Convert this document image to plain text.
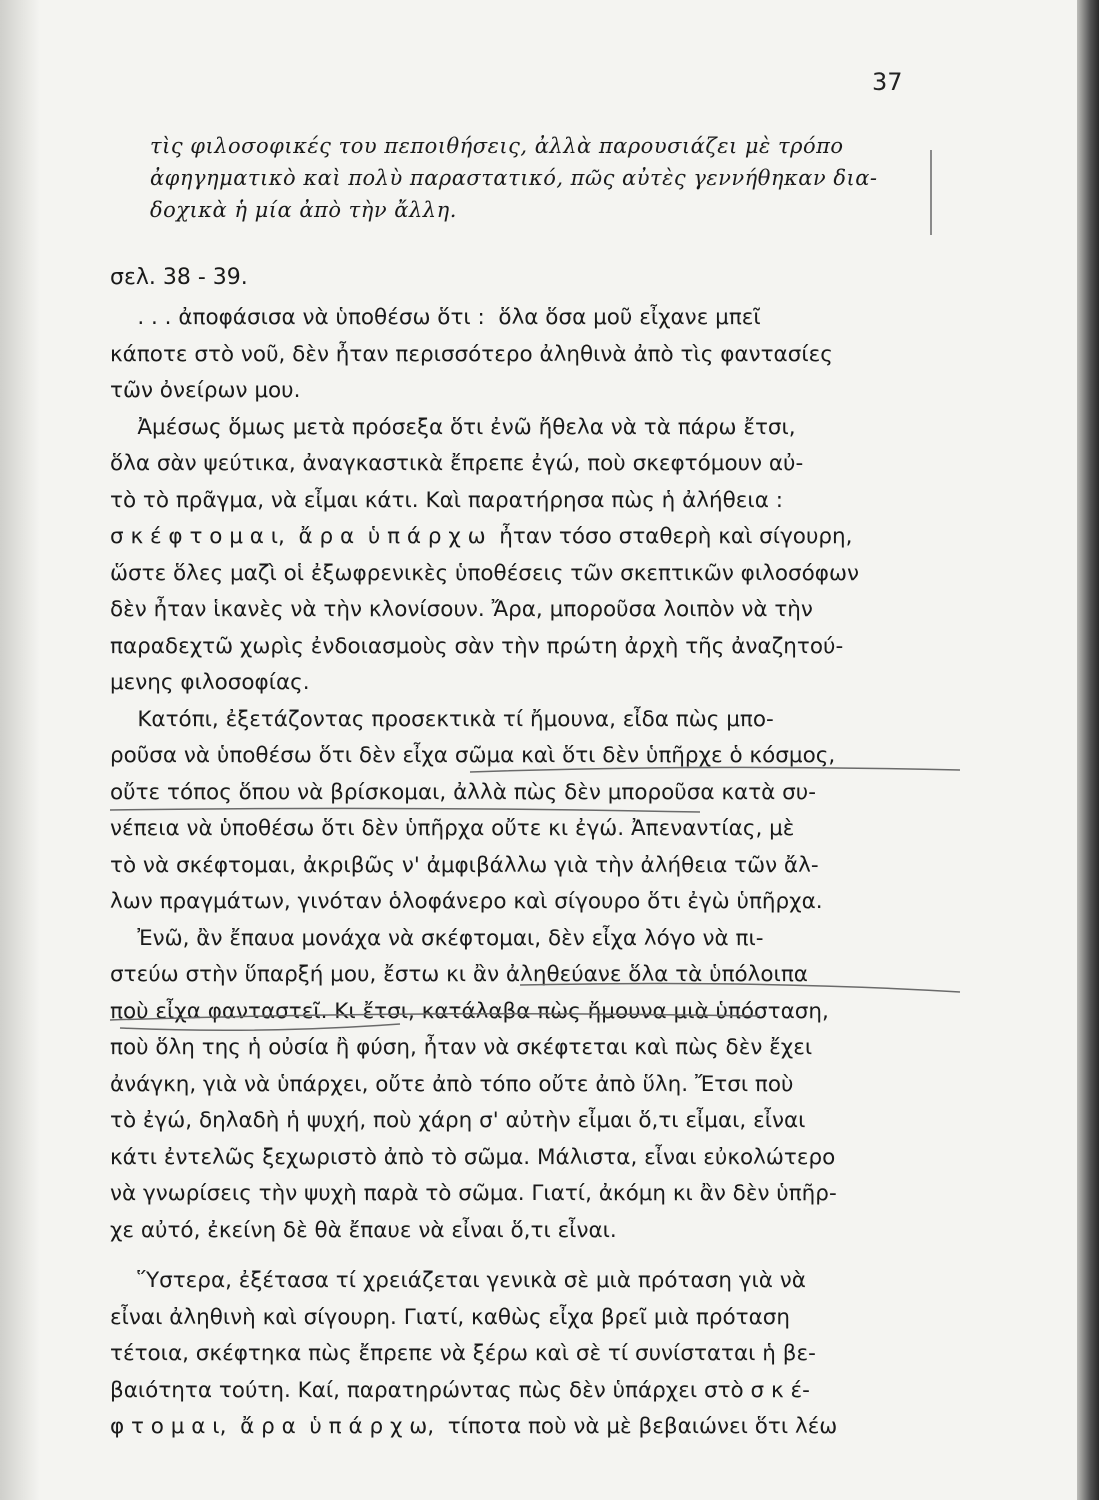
37
τὶς φιλοσοφικές του πεποιθήσεις, ἀλλὰ παρουσιάζει μὲ τρόπο
ἀφηγηματικὸ καὶ πολὺ παραστατικό, πῶς αὐτὲς γεννήθηκαν δια-
δοχικὰ ἡ μία ἀπὸ τὴν ἄλλη.
σελ. 38 - 39.
. . . ἀποφάσισα νὰ ὑποθέσω ὅτι :  ὅλα ὅσα μοῦ εἶχανε μπεῖ
κάποτε στὸ νοῦ, δὲν ἦταν περισσότερο ἀληθινὰ ἀπὸ τὶς φαντασίες
τῶν ὀνείρων μου.
Ἀμέσως ὅμως μετὰ πρόσεξα ὅτι ἐνῶ ἤθελα νὰ τὰ πάρω ἔτσι,
ὅλα σὰν ψεύτικα, ἀναγκαστικὰ ἔπρεπε ἐγώ, ποὺ σκεφτόμουν αὐ-
τὸ τὸ πρᾶγμα, νὰ εἶμαι κάτι. Καὶ παρατήρησα πὼς ἡ ἀλήθεια :
σ κ έ φ τ ο μ α ι,  ἄ ρ α  ὑ π ά ρ χ ω  ἦταν τόσο σταθερὴ καὶ σίγουρη,
ὥστε ὅλες μαζὶ οἱ ἐξωφρενικὲς ὑποθέσεις τῶν σκεπτικῶν φιλοσόφων
δὲν ἦταν ἱκανὲς νὰ τὴν κλονίσουν. Ἄρα, μποροῦσα λοιπὸν νὰ τὴν
παραδεχτῶ χωρὶς ἐνδοιασμοὺς σὰν τὴν πρώτη ἀρχὴ τῆς ἀναζητού-
μενης φιλοσοφίας.
Κατόπι, ἐξετάζοντας προσεκτικὰ τί ἤμουνα, εἶδα πὼς μπο-
ροῦσα νὰ ὑποθέσω ὅτι δὲν εἶχα σῶμα καὶ ὅτι δὲν ὑπῆρχε ὁ κόσμος,
οὔτε τόπος ὅπου νὰ βρίσκομαι, ἀλλὰ πὼς δὲν μποροῦσα κατὰ συ-
νέπεια νὰ ὑποθέσω ὅτι δὲν ὑπῆρχα οὔτε κι ἐγώ. Ἀπεναντίας, μὲ
τὸ νὰ σκέφτομαι, ἀκριβῶς ν' ἀμφιβάλλω γιὰ τὴν ἀλήθεια τῶν ἄλ-
λων πραγμάτων, γινόταν ὁλοφάνερο καὶ σίγουρο ὅτι ἐγὼ ὑπῆρχα.
Ἐνῶ, ἂν ἔπαυα μονάχα νὰ σκέφτομαι, δὲν εἶχα λόγο νὰ πι-
στεύω στὴν ὕπαρξή μου, ἔστω κι ἂν ἀληθεύανε ὅλα τὰ ὑπόλοιπα
ποὺ εἶχα φανταστεῖ. Κι ἔτσι, κατάλαβα πὼς ἤμουνα μιὰ ὑπόσταση,
ποὺ ὅλη της ἡ οὐσία ἢ φύση, ἦταν νὰ σκέφτεται καὶ πὼς δὲν ἔχει
ἀνάγκη, γιὰ νὰ ὑπάρχει, οὔτε ἀπὸ τόπο οὔτε ἀπὸ ὕλη. Ἔτσι ποὺ
τὸ ἐγώ, δηλαδὴ ἡ ψυχή, ποὺ χάρη σ' αὐτὴν εἶμαι ὅ,τι εἶμαι, εἶναι
κάτι ἐντελῶς ξεχωριστὸ ἀπὸ τὸ σῶμα. Μάλιστα, εἶναι εὐκολώτερο
νὰ γνωρίσεις τὴν ψυχὴ παρὰ τὸ σῶμα. Γιατί, ἀκόμη κι ἂν δὲν ὑπῆρ-
χε αὐτό, ἐκείνη δὲ θὰ ἔπαυε νὰ εἶναι ὅ,τι εἶναι.
Ὕστερα, ἐξέτασα τί χρειάζεται γενικὰ σὲ μιὰ πρόταση γιὰ νὰ
εἶναι ἀληθινὴ καὶ σίγουρη. Γιατί, καθὼς εἶχα βρεῖ μιὰ πρόταση
τέτοια, σκέφτηκα πὼς ἔπρεπε νὰ ξέρω καὶ σὲ τί συνίσταται ἡ βε-
βαιότητα τούτη. Καί, παρατηρώντας πὼς δὲν ὑπάρχει στὸ σ κ έ-
φ τ ο μ α ι,  ἄ ρ α  ὑ π ά ρ χ ω,  τίποτα ποὺ νὰ μὲ βεβαιώνει ὅτι λέω
